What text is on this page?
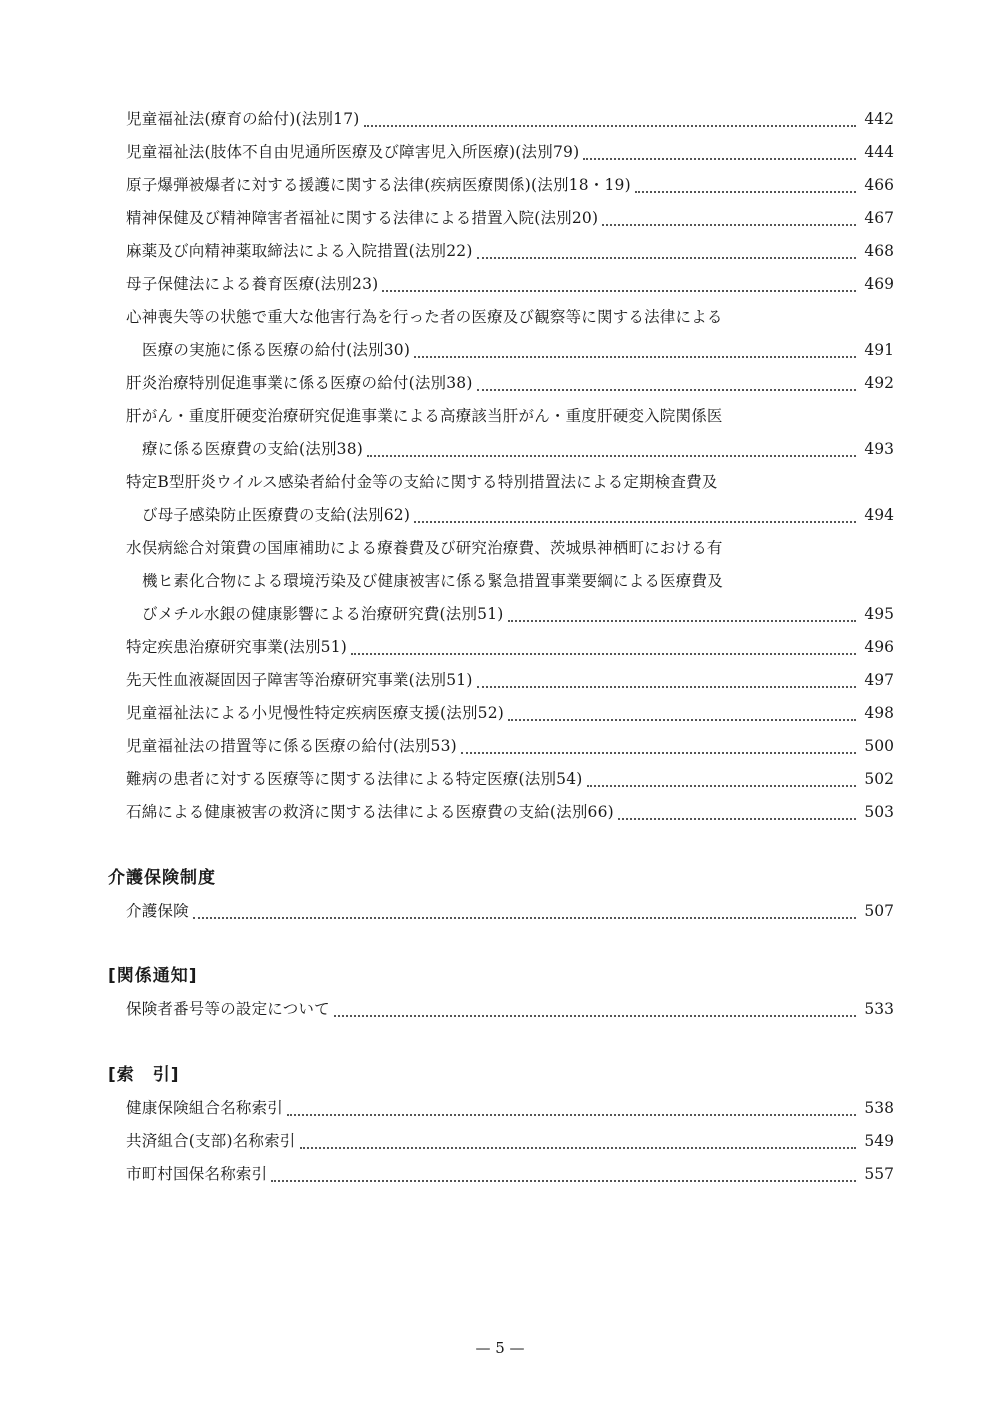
児童福祉法(療育の給付)(法別17)	442
児童福祉法(肢体不自由児通所医療及び障害児入所医療)(法別79)	444
原子爆弾被爆者に対する援護に関する法律(疾病医療関係)(法別18・19)	466
精神保健及び精神障害者福祉に関する法律による措置入院(法別20)	467
麻薬及び向精神薬取締法による入院措置(法別22)	468
母子保健法による養育医療(法別23)	469
心神喪失等の状態で重大な他害行為を行った者の医療及び観察等に関する法律による
医療の実施に係る医療の給付(法別30)	491
肝炎治療特別促進事業に係る医療の給付(法別38)	492
肝がん・重度肝硬変治療研究促進事業による高療該当肝がん・重度肝硬変入院関係医
療に係る医療費の支給(法別38)	493
特定B型肝炎ウイルス感染者給付金等の支給に関する特別措置法による定期検査費及
び母子感染防止医療費の支給(法別62)	494
水俣病総合対策費の国庫補助による療養費及び研究治療費、茨城県神栖町における有
機ヒ素化合物による環境汚染及び健康被害に係る緊急措置事業要綱による医療費及
びメチル水銀の健康影響による治療研究費(法別51)	495
特定疾患治療研究事業(法別51)	496
先天性血液凝固因子障害等治療研究事業(法別51)	497
児童福祉法による小児慢性特定疾病医療支援(法別52)	498
児童福祉法の措置等に係る医療の給付(法別53)	500
難病の患者に対する医療等に関する法律による特定医療(法別54)	502
石綿による健康被害の救済に関する法律による医療費の支給(法別66)	503
介護保険制度
介護保険	507
[関係通知]
保険者番号等の設定について	533
[索　引]
健康保険組合名称索引	538
共済組合(支部)名称索引	549
市町村国保名称索引	557
— 5 —
